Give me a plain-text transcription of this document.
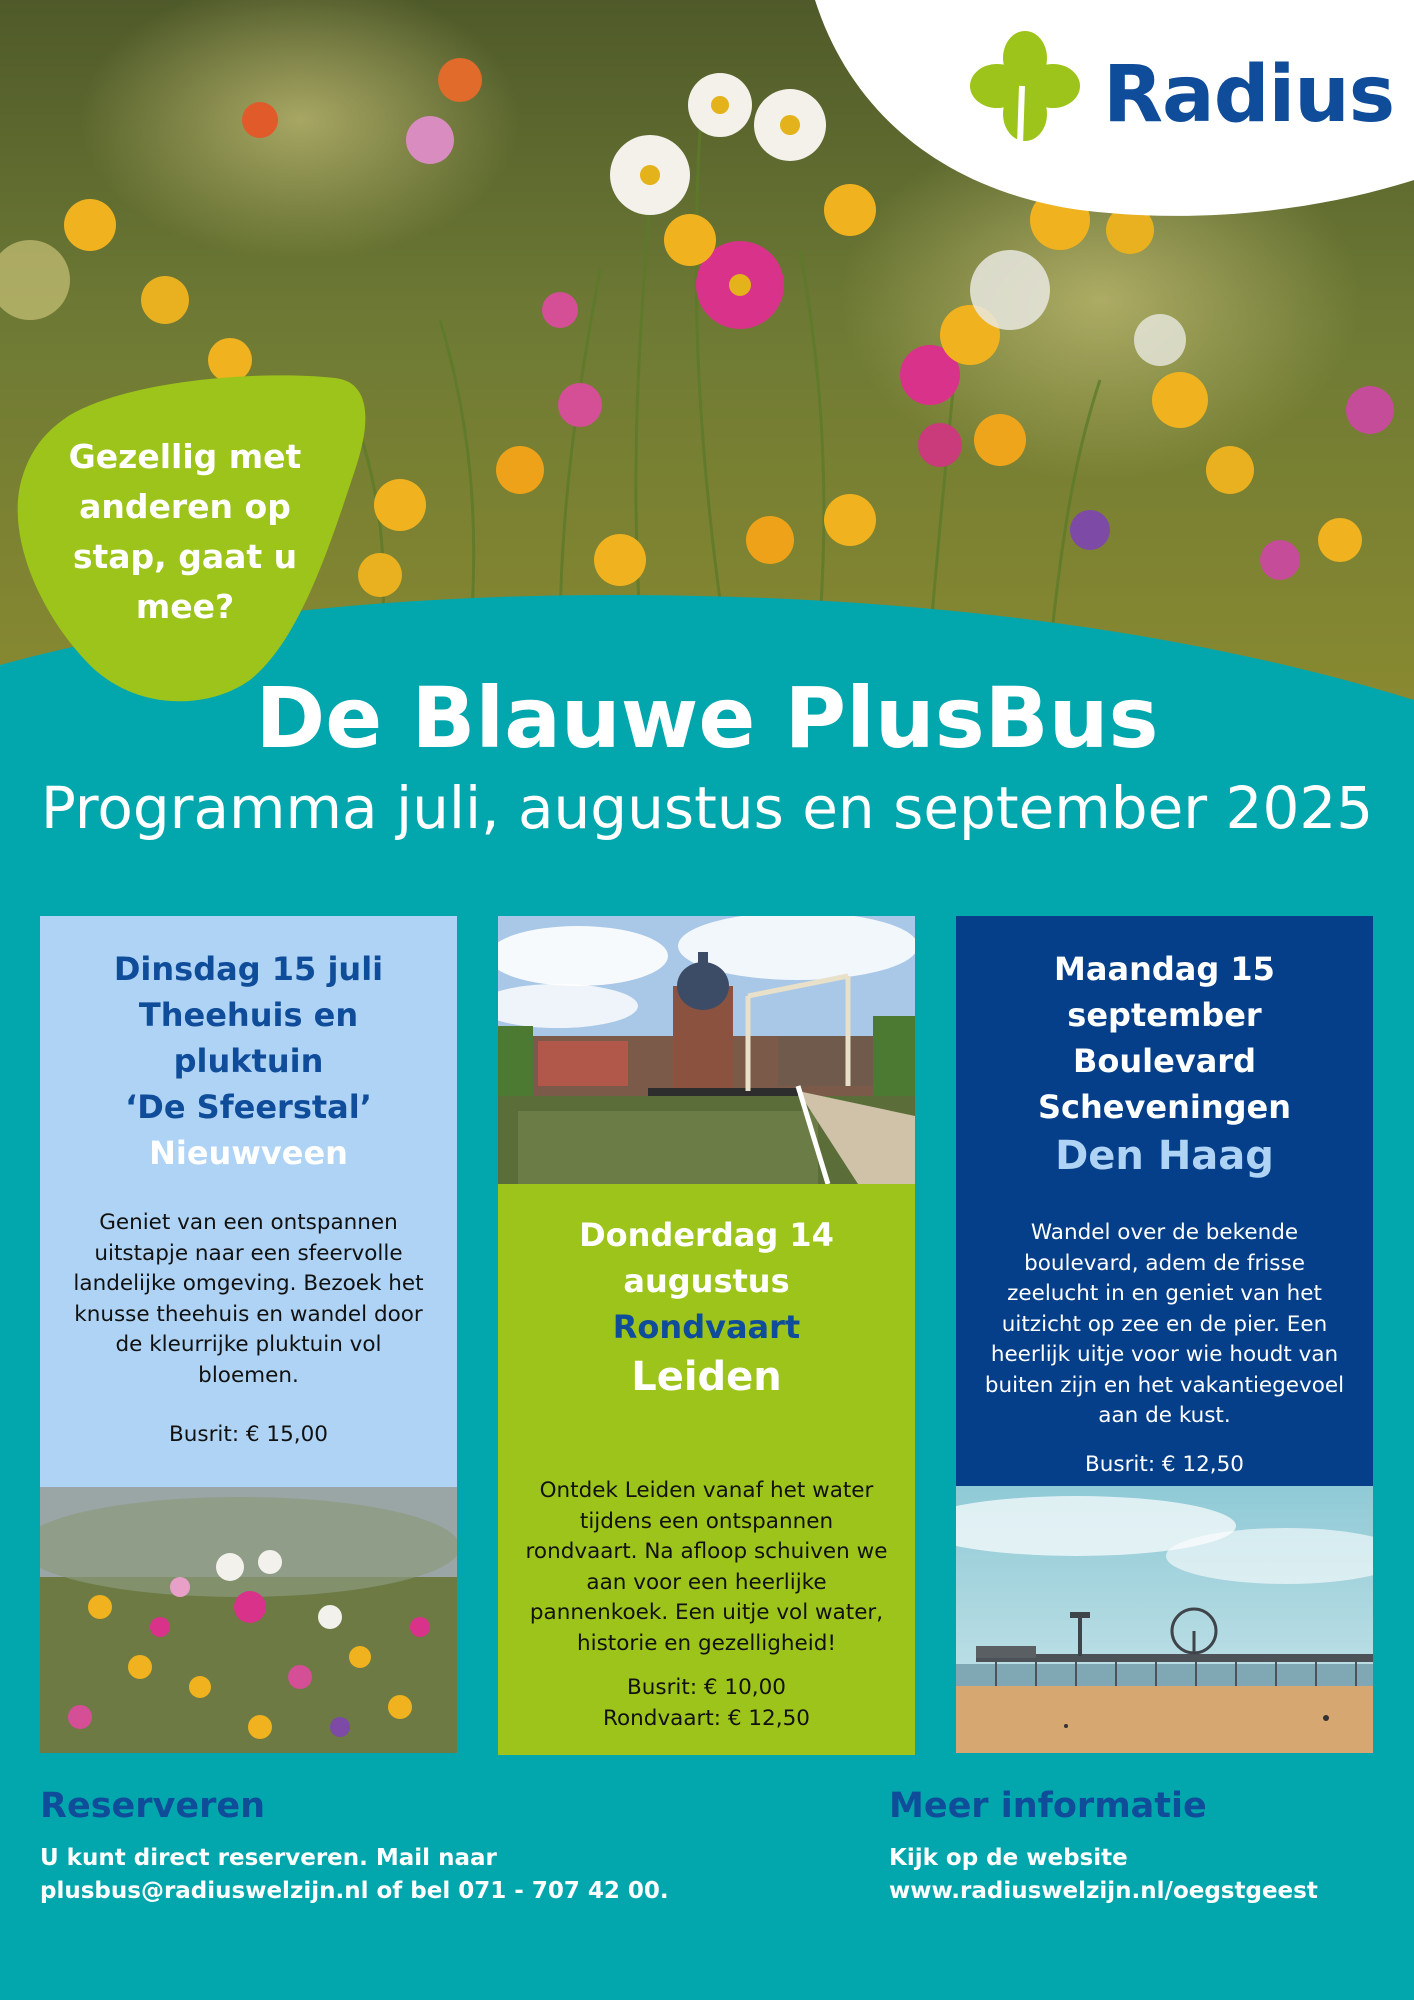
Radius
Gezellig met
anderen op
stap, gaat u
mee?
De Blauwe PlusBus
Programma juli, augustus en september 2025
Dinsdag 15 juli
Theehuis en
pluktuin
‘De Sfeerstal’
Nieuwveen
Geniet van een ontspannen uitstapje naar een sfeervolle landelijke omgeving. Bezoek het knusse theehuis en wandel door de kleurrijke pluktuin vol bloemen.
Busrit: € 15,00
Donderdag 14
augustus
Rondvaart
Leiden
Ontdek Leiden vanaf het water tijdens een ontspannen rondvaart. Na afloop schuiven we aan voor een heerlijke pannenkoek. Een uitje vol water, historie en gezelligheid!
Busrit: € 10,00
Rondvaart: € 12,50
Maandag 15
september
Boulevard
Scheveningen
Den Haag
Wandel over de bekende boulevard, adem de frisse zeelucht in en geniet van het uitzicht op zee en de pier. Een heerlijk uitje voor wie houdt van buiten zijn en het vakantiegevoel aan de kust.
Busrit: € 12,50
Reserveren
U kunt direct reserveren. Mail naar
plusbus@radiuswelzijn.nl of bel 071 - 707 42 00.
Meer informatie
Kijk op de website
www.radiuswelzijn.nl/oegstgeest
